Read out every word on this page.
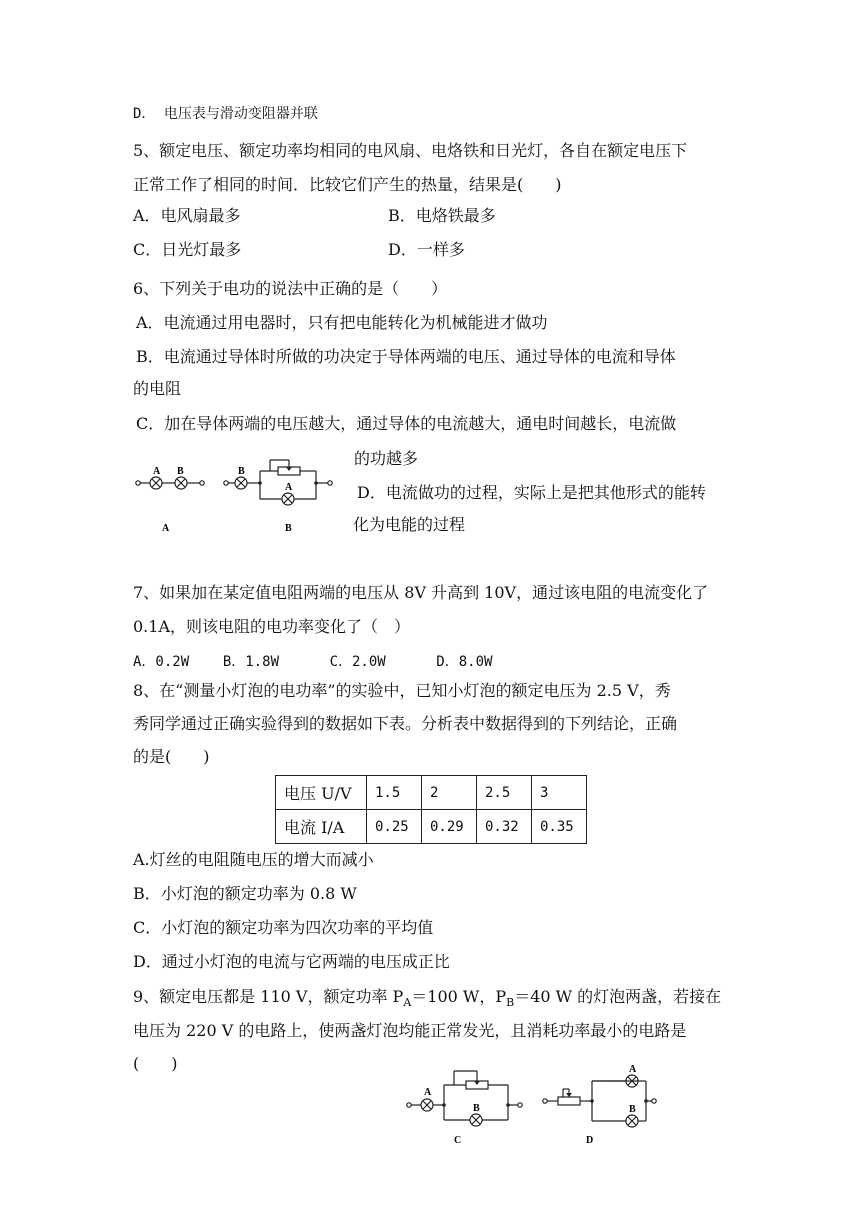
D． 电压表与滑动变阻器并联
5、额定电压、额定功率均相同的电风扇、电烙铁和日光灯，各自在额定电压下
正常工作了相同的时间．比较它们产生的热量，结果是(　　)
A．电风扇最多	B．电烙铁最多
C．日光灯最多	D．一样多
6、下列关于电功的说法中正确的是（　　）
A．电流通过用电器时，只有把电能转化为机械能进才做功
B．电流通过导体时所做的功决定于导体两端的电压、通过导体的电流和导体
的电阻
C．加在导体两端的电压越大，通过导体的电流越大，通电时间越长，电流做
的功越多
D．电流做功的过程，实际上是把其他形式的能转
化为电能的过程
A B	B
A
A	B
7、如果加在某定值电阻两端的电压从 8V 升高到 10V，通过该电阻的电流变化了
0.1A，则该电阻的电功率变化了（　）
A．0.2W    B．1.8W      C．2.0W      D．8.0W
8、在“测量小灯泡的电功率”的实验中，已知小灯泡的额定电压为 2.5 V，秀
秀同学通过正确实验得到的数据如下表。分析表中数据得到的下列结论，正确
的是(　　)
电压 U/V	1.5	2	2.5	3
电流 I/A	0.25	0.29	0.32	0.35
A.灯丝的电阻随电压的增大而减小
B．小灯泡的额定功率为 0.8 W
C．小灯泡的额定功率为四次功率的平均值
D．通过小灯泡的电流与它两端的电压成正比
9、额定电压都是 110 V，额定功率 $P_A=100$ W，$P_B=40$ W 的灯泡两盏，若接在
电压为 220 V 的电路上，使两盏灯泡均能正常发光，且消耗功率最小的电路是
(　　)
A
B
A
B
C	D
